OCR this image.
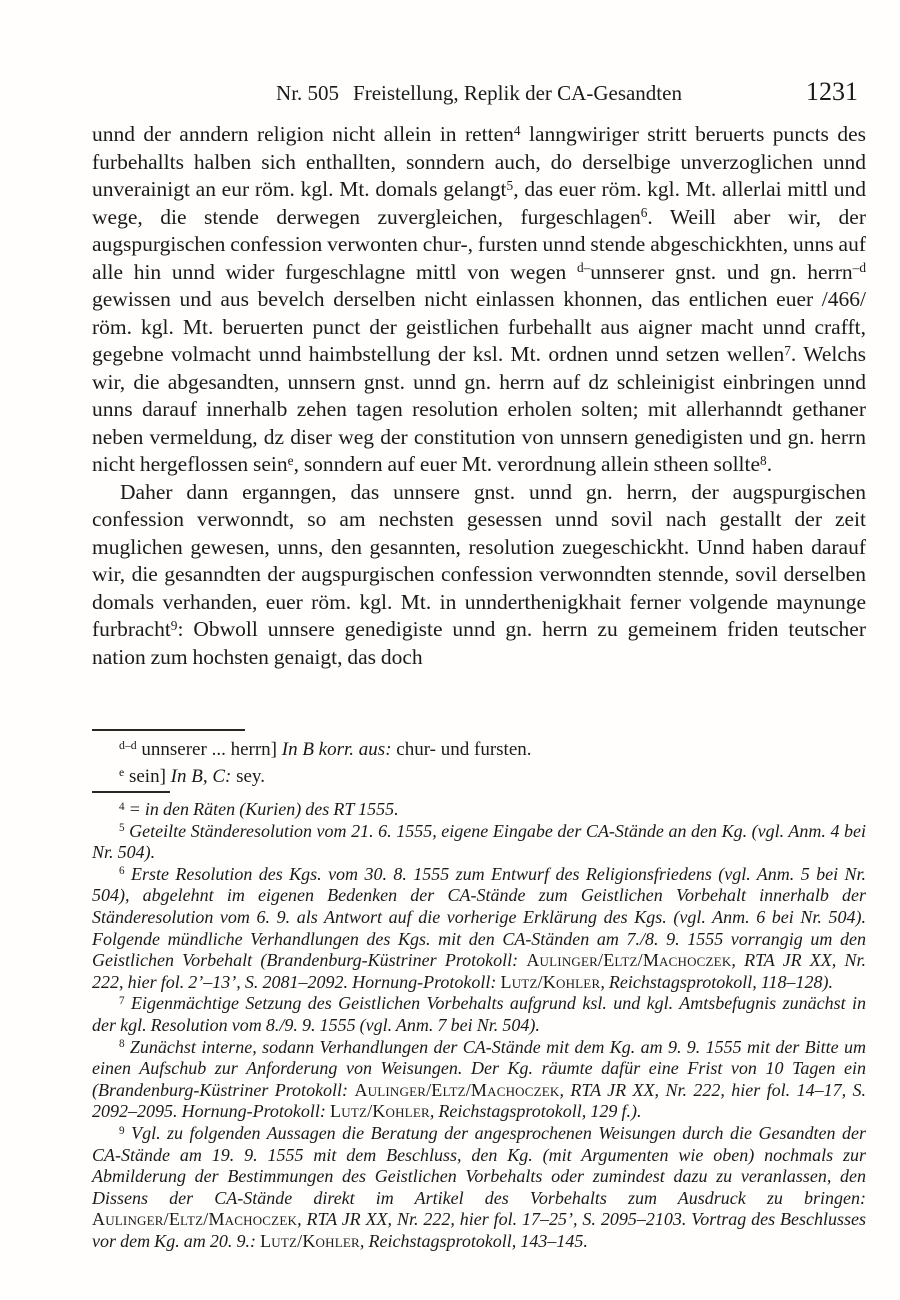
Nr. 505 Freistellung, Replik der CA-Gesandten	1231

unnd der anndern religion nicht allein in retten$^4$ lanngwiriger stritt beruerts puncts des furbehallts halben sich enthallten, sonndern auch, do derselbige unverzoglichen unnd unverainigt an eur röm. kgl. Mt. domals gelangt$^5$, das euer röm. kgl. Mt. allerlai mittl und wege, die stende derwegen zuvergleichen, furgeschlagen$^6$. Weill aber wir, der augspurgischen confession verwonten chur-, fursten unnd stende abgeschickhten, unns auf alle hin unnd wider furgeschlagne mittl von wegen $^{d-}$unnserer gnst. und gn. herrn$^{-d}$ gewissen und aus bevelch derselben nicht einlassen khonnen, das entlichen euer /466/ röm. kgl. Mt. beruerten punct der geistlichen furbehallt aus aigner macht unnd crafft, gegebne volmacht unnd haimbstellung der ksl. Mt. ordnen unnd setzen wellen$^7$. Welchs wir, die abgesandten, unnsern gnst. unnd gn. herrn auf dz schleinigist einbringen unnd unns darauf innerhalb zehen tagen resolution erholen solten; mit allerhanndt gethaner neben vermeldung, dz diser weg der constitution von unnsern genedigisten und gn. herrn nicht hergeflossen sein$^e$, sonndern auf euer Mt. verordnung allein stheen sollte$^8$.

Daher dann erganngen, das unnsere gnst. unnd gn. herrn, der augspurgischen confession verwonndt, so am nechsten gesessen unnd sovil nach gestallt der zeit muglichen gewesen, unns, den gesannten, resolution zuegeschickht. Unnd haben darauf wir, die gesanndten der augspurgischen confession verwonndten stennde, sovil derselben domals verhanden, euer röm. kgl. Mt. in unnderthenigkhait ferner volgende maynunge furbracht$^9$: Obwoll unnsere genedigiste unnd gn. herrn zu gemeinem friden teutscher nation zum hochsten genaigt, das doch

$^{d-d}$ unnserer ... herrn] In B korr. aus: chur- und fursten.

$^e$ sein] In B, C: sey.

$^4$ = in den Räten (Kurien) des RT 1555.

$^5$ Geteilte Ständeresolution vom 21. 6. 1555, eigene Eingabe der CA-Stände an den Kg. (vgl. Anm. 4 bei Nr. 504).

$^6$ Erste Resolution des Kgs. vom 30. 8. 1555 zum Entwurf des Religionsfriedens (vgl. Anm. 5 bei Nr. 504), abgelehnt im eigenen Bedenken der CA-Stände zum Geistlichen Vorbehalt innerhalb der Ständeresolution vom 6. 9. als Antwort auf die vorherige Erklärung des Kgs. (vgl. Anm. 6 bei Nr. 504). Folgende mündliche Verhandlungen des Kgs. mit den CA-Ständen am 7./8. 9. 1555 vorrangig um den Geistlichen Vorbehalt (Brandenburg-Küstriner Protokoll: Aulinger/Eltz/Machoczek, RTA JR XX, Nr. 222, hier fol. 2’–13’, S. 2081–2092. Hornung-Protokoll: Lutz/Kohler, Reichstagsprotokoll, 118–128).

$^7$ Eigenmächtige Setzung des Geistlichen Vorbehalts aufgrund ksl. und kgl. Amtsbefugnis zunächst in der kgl. Resolution vom 8./9. 9. 1555 (vgl. Anm. 7 bei Nr. 504).

$^8$ Zunächst interne, sodann Verhandlungen der CA-Stände mit dem Kg. am 9. 9. 1555 mit der Bitte um einen Aufschub zur Anforderung von Weisungen. Der Kg. räumte dafür eine Frist von 10 Tagen ein (Brandenburg-Küstriner Protokoll: Aulinger/Eltz/Machoczek, RTA JR XX, Nr. 222, hier fol. 14–17, S. 2092–2095. Hornung-Protokoll: Lutz/Kohler, Reichstagsprotokoll, 129 f.).

$^9$ Vgl. zu folgenden Aussagen die Beratung der angesprochenen Weisungen durch die Gesandten der CA-Stände am 19. 9. 1555 mit dem Beschluss, den Kg. (mit Argumenten wie oben) nochmals zur Abmilderung der Bestimmungen des Geistlichen Vorbehalts oder zumindest dazu zu veranlassen, den Dissens der CA-Stände direkt im Artikel des Vorbehalts zum Ausdruck zu bringen: Aulinger/Eltz/Machoczek, RTA JR XX, Nr. 222, hier fol. 17–25’, S. 2095–2103. Vortrag des Beschlusses vor dem Kg. am 20. 9.: Lutz/Kohler, Reichstagsprotokoll, 143–145.
